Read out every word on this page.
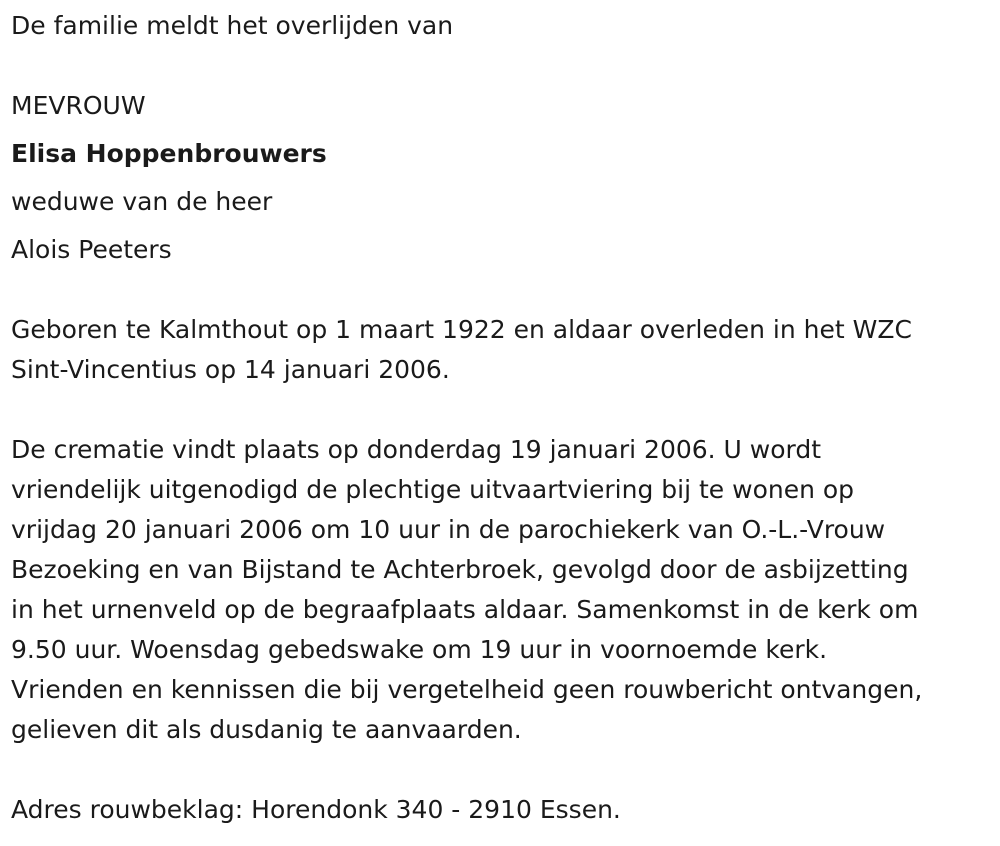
De familie meldt het overlijden van

MEVROUW

Elisa Hoppenbrouwers

weduwe van de heer

Alois Peeters

Geboren te Kalmthout op 1 maart 1922 en aldaar overleden in het WZC
Sint-Vincentius op 14 januari 2006.
De crematie vindt plaats op donderdag 19 januari 2006. U wordt
vriendelijk uitgenodigd de plechtige uitvaartviering bij te wonen op
vrijdag 20 januari 2006 om 10 uur in de parochiekerk van O.-L.-Vrouw
Bezoeking en van Bijstand te Achterbroek, gevolgd door de asbijzetting
in het urnenveld op de begraafplaats aldaar. Samenkomst in de kerk om
9.50 uur. Woensdag gebedswake om 19 uur in voornoemde kerk.
Vrienden en kennissen die bij vergetelheid geen rouwbericht ontvangen,
gelieven dit als dusdanig te aanvaarden.
Adres rouwbeklag: Horendonk 340 - 2910 Essen.
